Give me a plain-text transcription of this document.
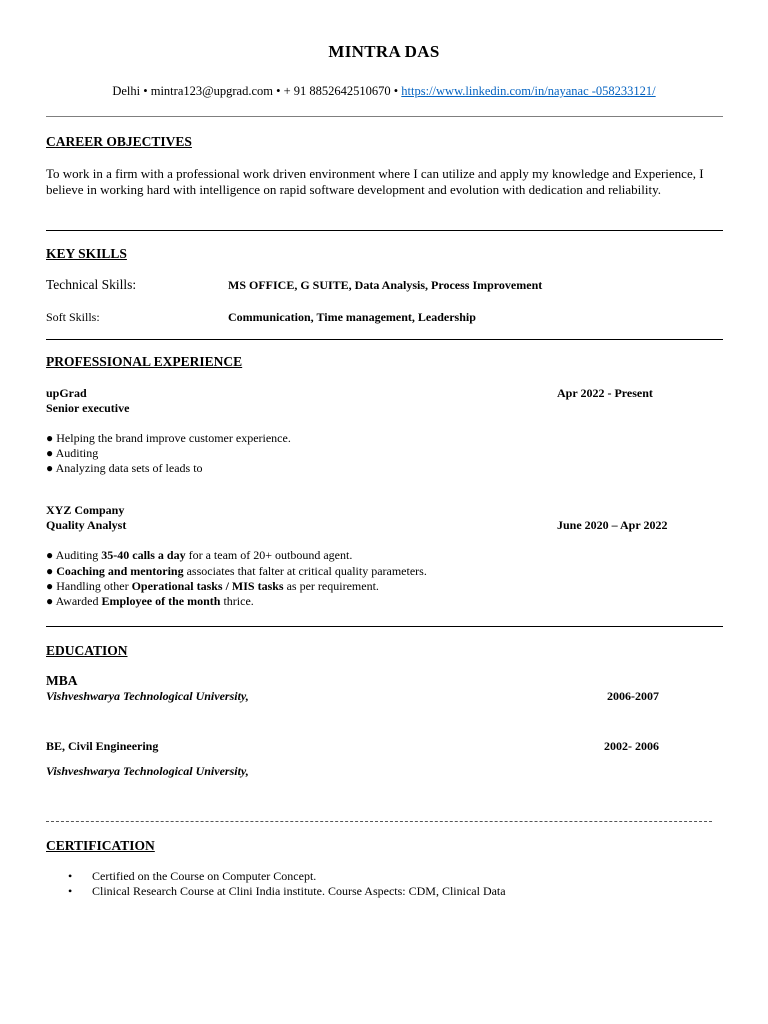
MINTRA DAS
Delhi • mintra123@upgrad.com • + 91 8852642510670 • https://www.linkedin.com/in/nayanac -058233121/
CAREER OBJECTIVES
To work in a firm with a professional work driven environment where I can utilize and apply my knowledge and Experience, I believe in working hard with intelligence on rapid software development and evolution with dedication and reliability.
KEY SKILLS
Technical Skills:	MS OFFICE, G SUITE, Data Analysis, Process Improvement
Soft Skills:	Communication, Time management, Leadership
PROFESSIONAL EXPERIENCE
upGrad	Apr 2022 - Present
Senior executive
● Helping the brand improve customer experience.
● Auditing
● Analyzing data sets of leads to
XYZ Company
Quality Analyst	June 2020 – Apr 2022
● Auditing 35-40 calls a day for a team of 20+ outbound agent.
● Coaching and mentoring associates that falter at critical quality parameters.
● Handling other Operational tasks / MIS tasks as per requirement.
● Awarded Employee of the month thrice.
EDUCATION
MBA
Vishveshwarya Technological University,	2006-2007
BE, Civil Engineering	2002- 2006
Vishveshwarya Technological University,
CERTIFICATION
• Certified on the Course on Computer Concept.
• Clinical Research Course at Clini India institute. Course Aspects: CDM, Clinical Data
